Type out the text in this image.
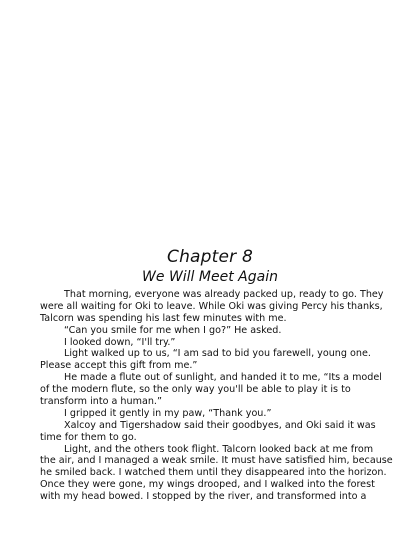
Chapter 8
We Will Meet Again
That morning, everyone was already packed up, ready to go. They
were all waiting for Oki to leave. While Oki was giving Percy his thanks,
Talcorn was spending his last few minutes with me.
“Can you smile for me when I go?” He asked.
I looked down, “I'll try.”
Light walked up to us, “I am sad to bid you farewell, young one.
Please accept this gift from me.”
He made a flute out of sunlight, and handed it to me, “Its a model
of the modern flute, so the only way you'll be able to play it is to
transform into a human.”
I gripped it gently in my paw, “Thank you.”
Xalcoy and Tigershadow said their goodbyes, and Oki said it was
time for them to go.
Light, and the others took flight. Talcorn looked back at me from
the air, and I managed a weak smile. It must have satisfied him, because
he smiled back. I watched them until they disappeared into the horizon.
Once they were gone, my wings drooped, and I walked into the forest
with my head bowed. I stopped by the river, and transformed into a
